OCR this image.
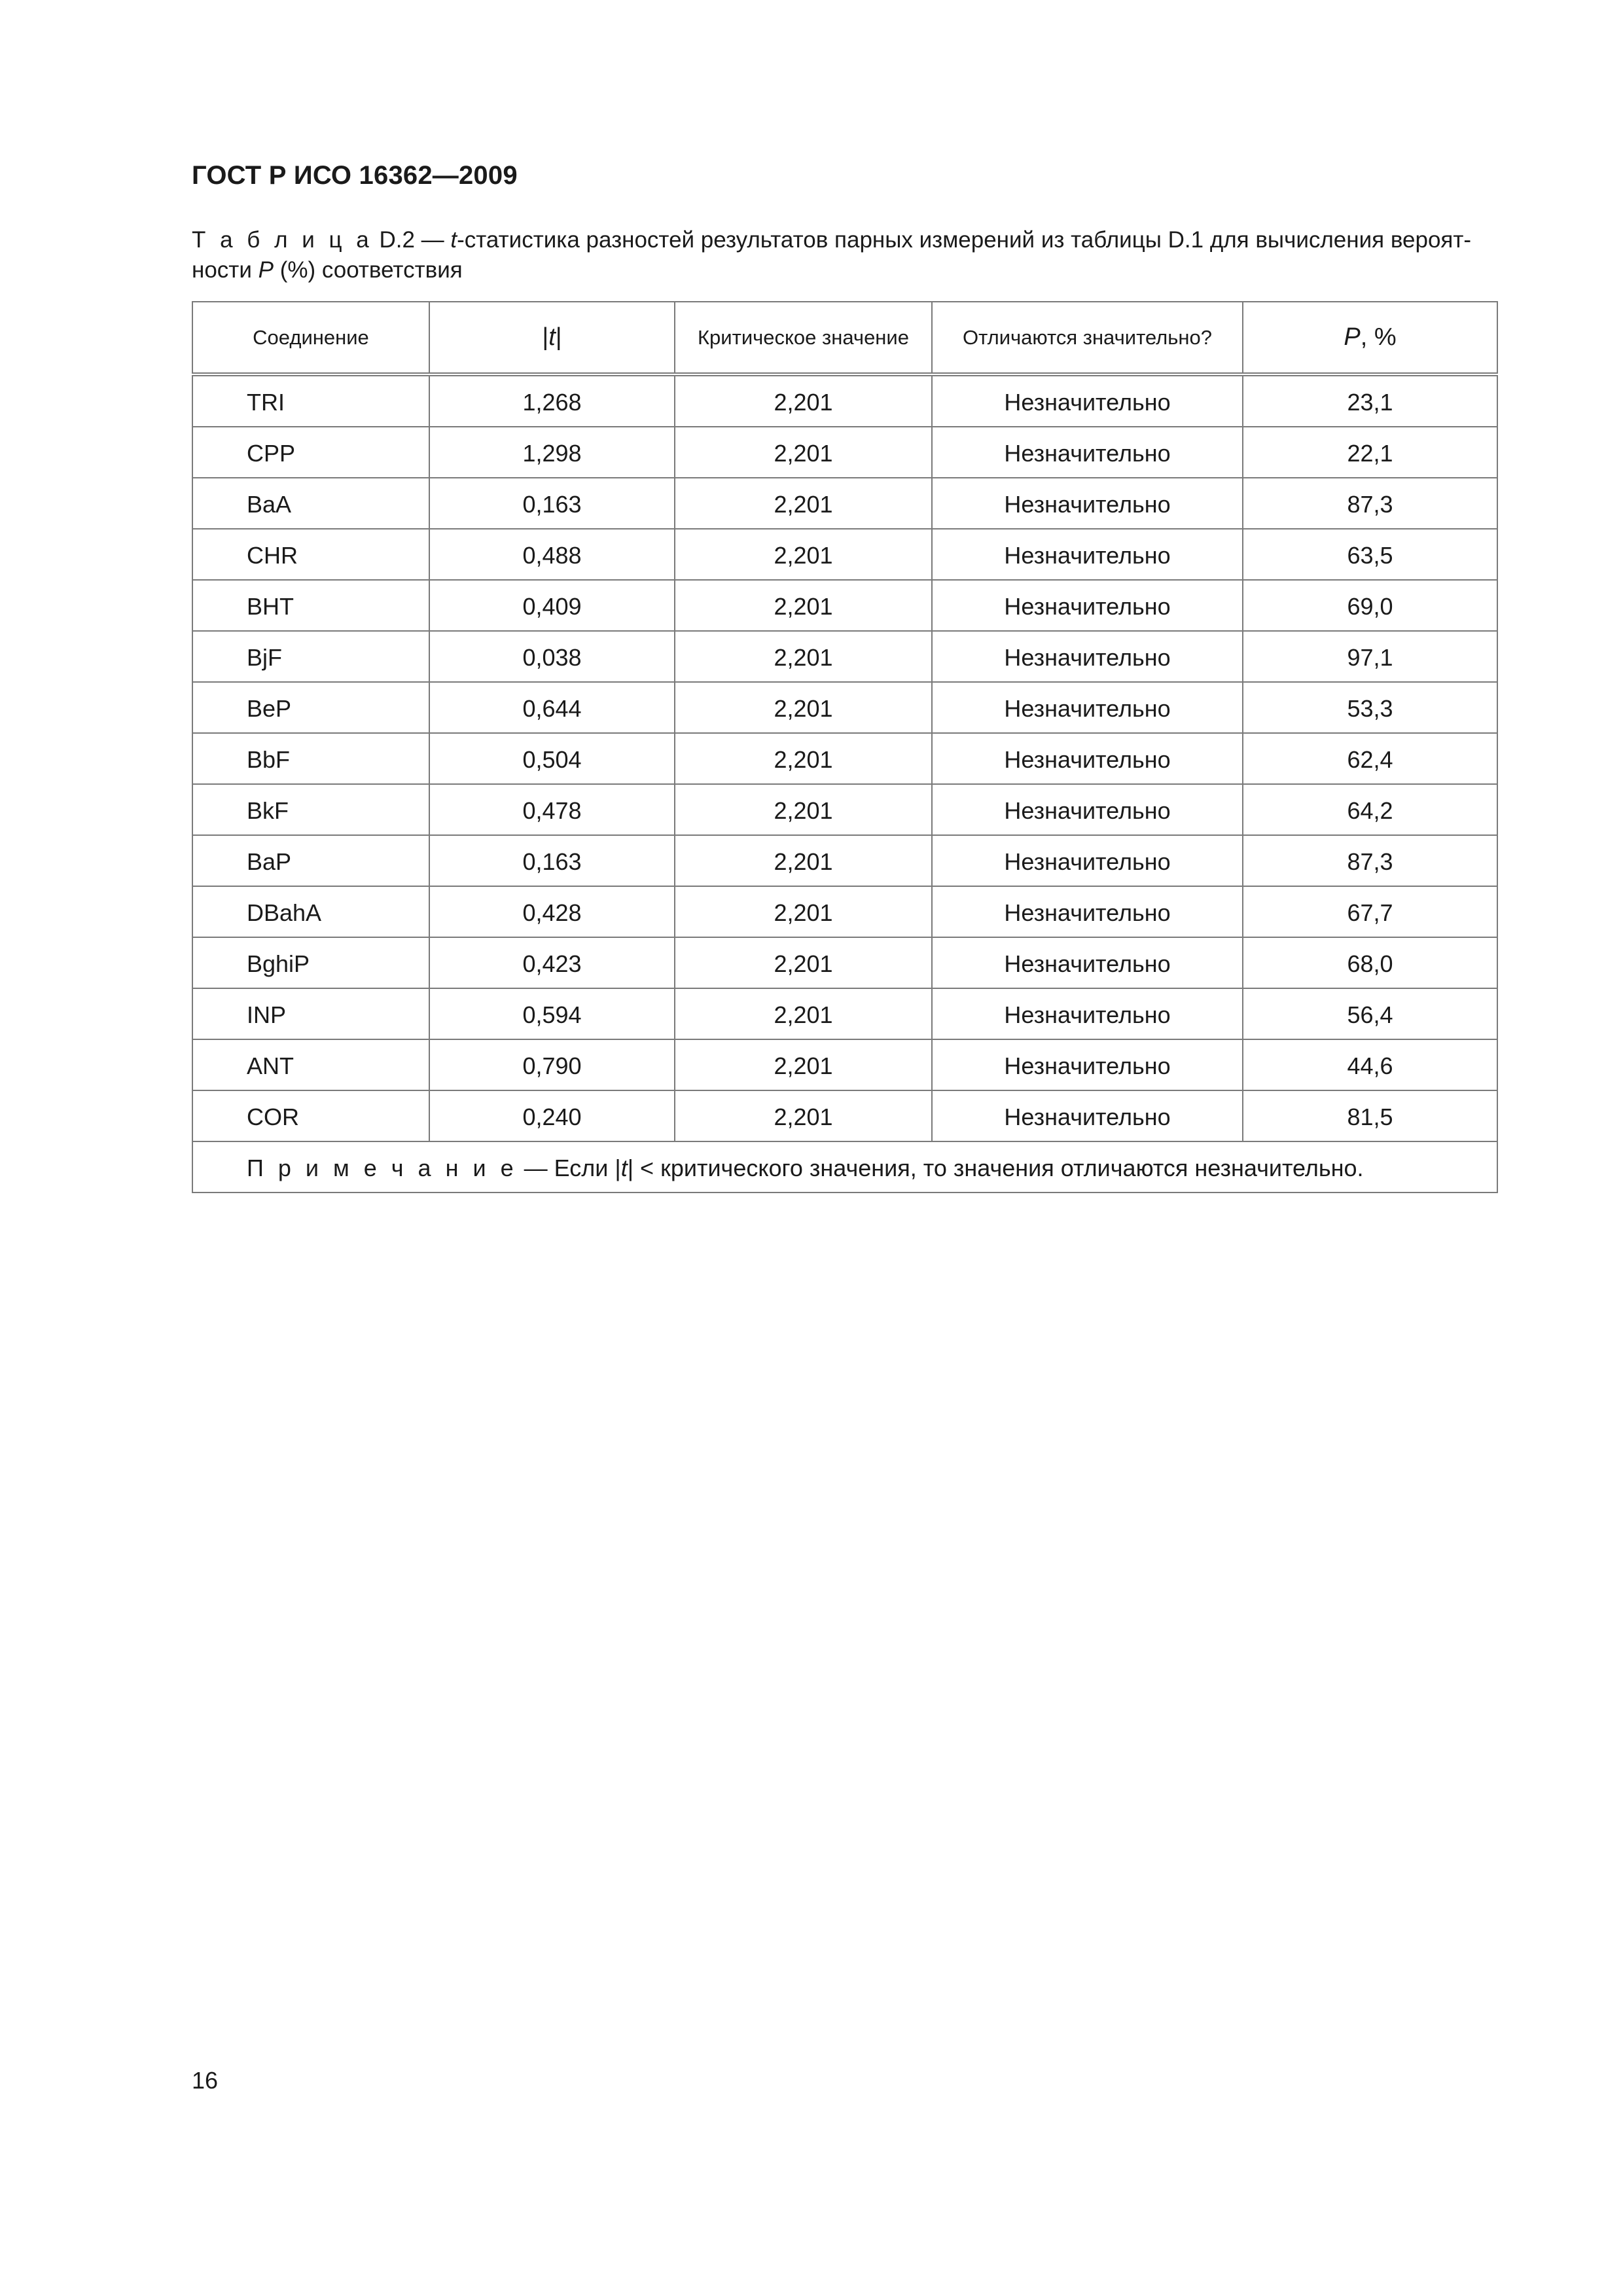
ГОСТ Р ИСО 16362—2009
Т а б л и ц а D.2 — t-статистика разностей результатов парных измерений из таблицы D.1 для вычисления вероят-ности P (%) соответствия
Соединение	|t|	Критическое значение	Отличаются значительно?	P, %
TRI	1,268	2,201	Незначительно	23,1
CPP	1,298	2,201	Незначительно	22,1
BaA	0,163	2,201	Незначительно	87,3
CHR	0,488	2,201	Незначительно	63,5
BHT	0,409	2,201	Незначительно	69,0
BjF	0,038	2,201	Незначительно	97,1
BeP	0,644	2,201	Незначительно	53,3
BbF	0,504	2,201	Незначительно	62,4
BkF	0,478	2,201	Незначительно	64,2
BaP	0,163	2,201	Незначительно	87,3
DBahA	0,428	2,201	Незначительно	67,7
BghiP	0,423	2,201	Незначительно	68,0
INP	0,594	2,201	Незначительно	56,4
ANT	0,790	2,201	Незначительно	44,6
COR	0,240	2,201	Незначительно	81,5
П р и м е ч а н и е — Если |t| < критического значения, то значения отличаются незначительно.				
16
